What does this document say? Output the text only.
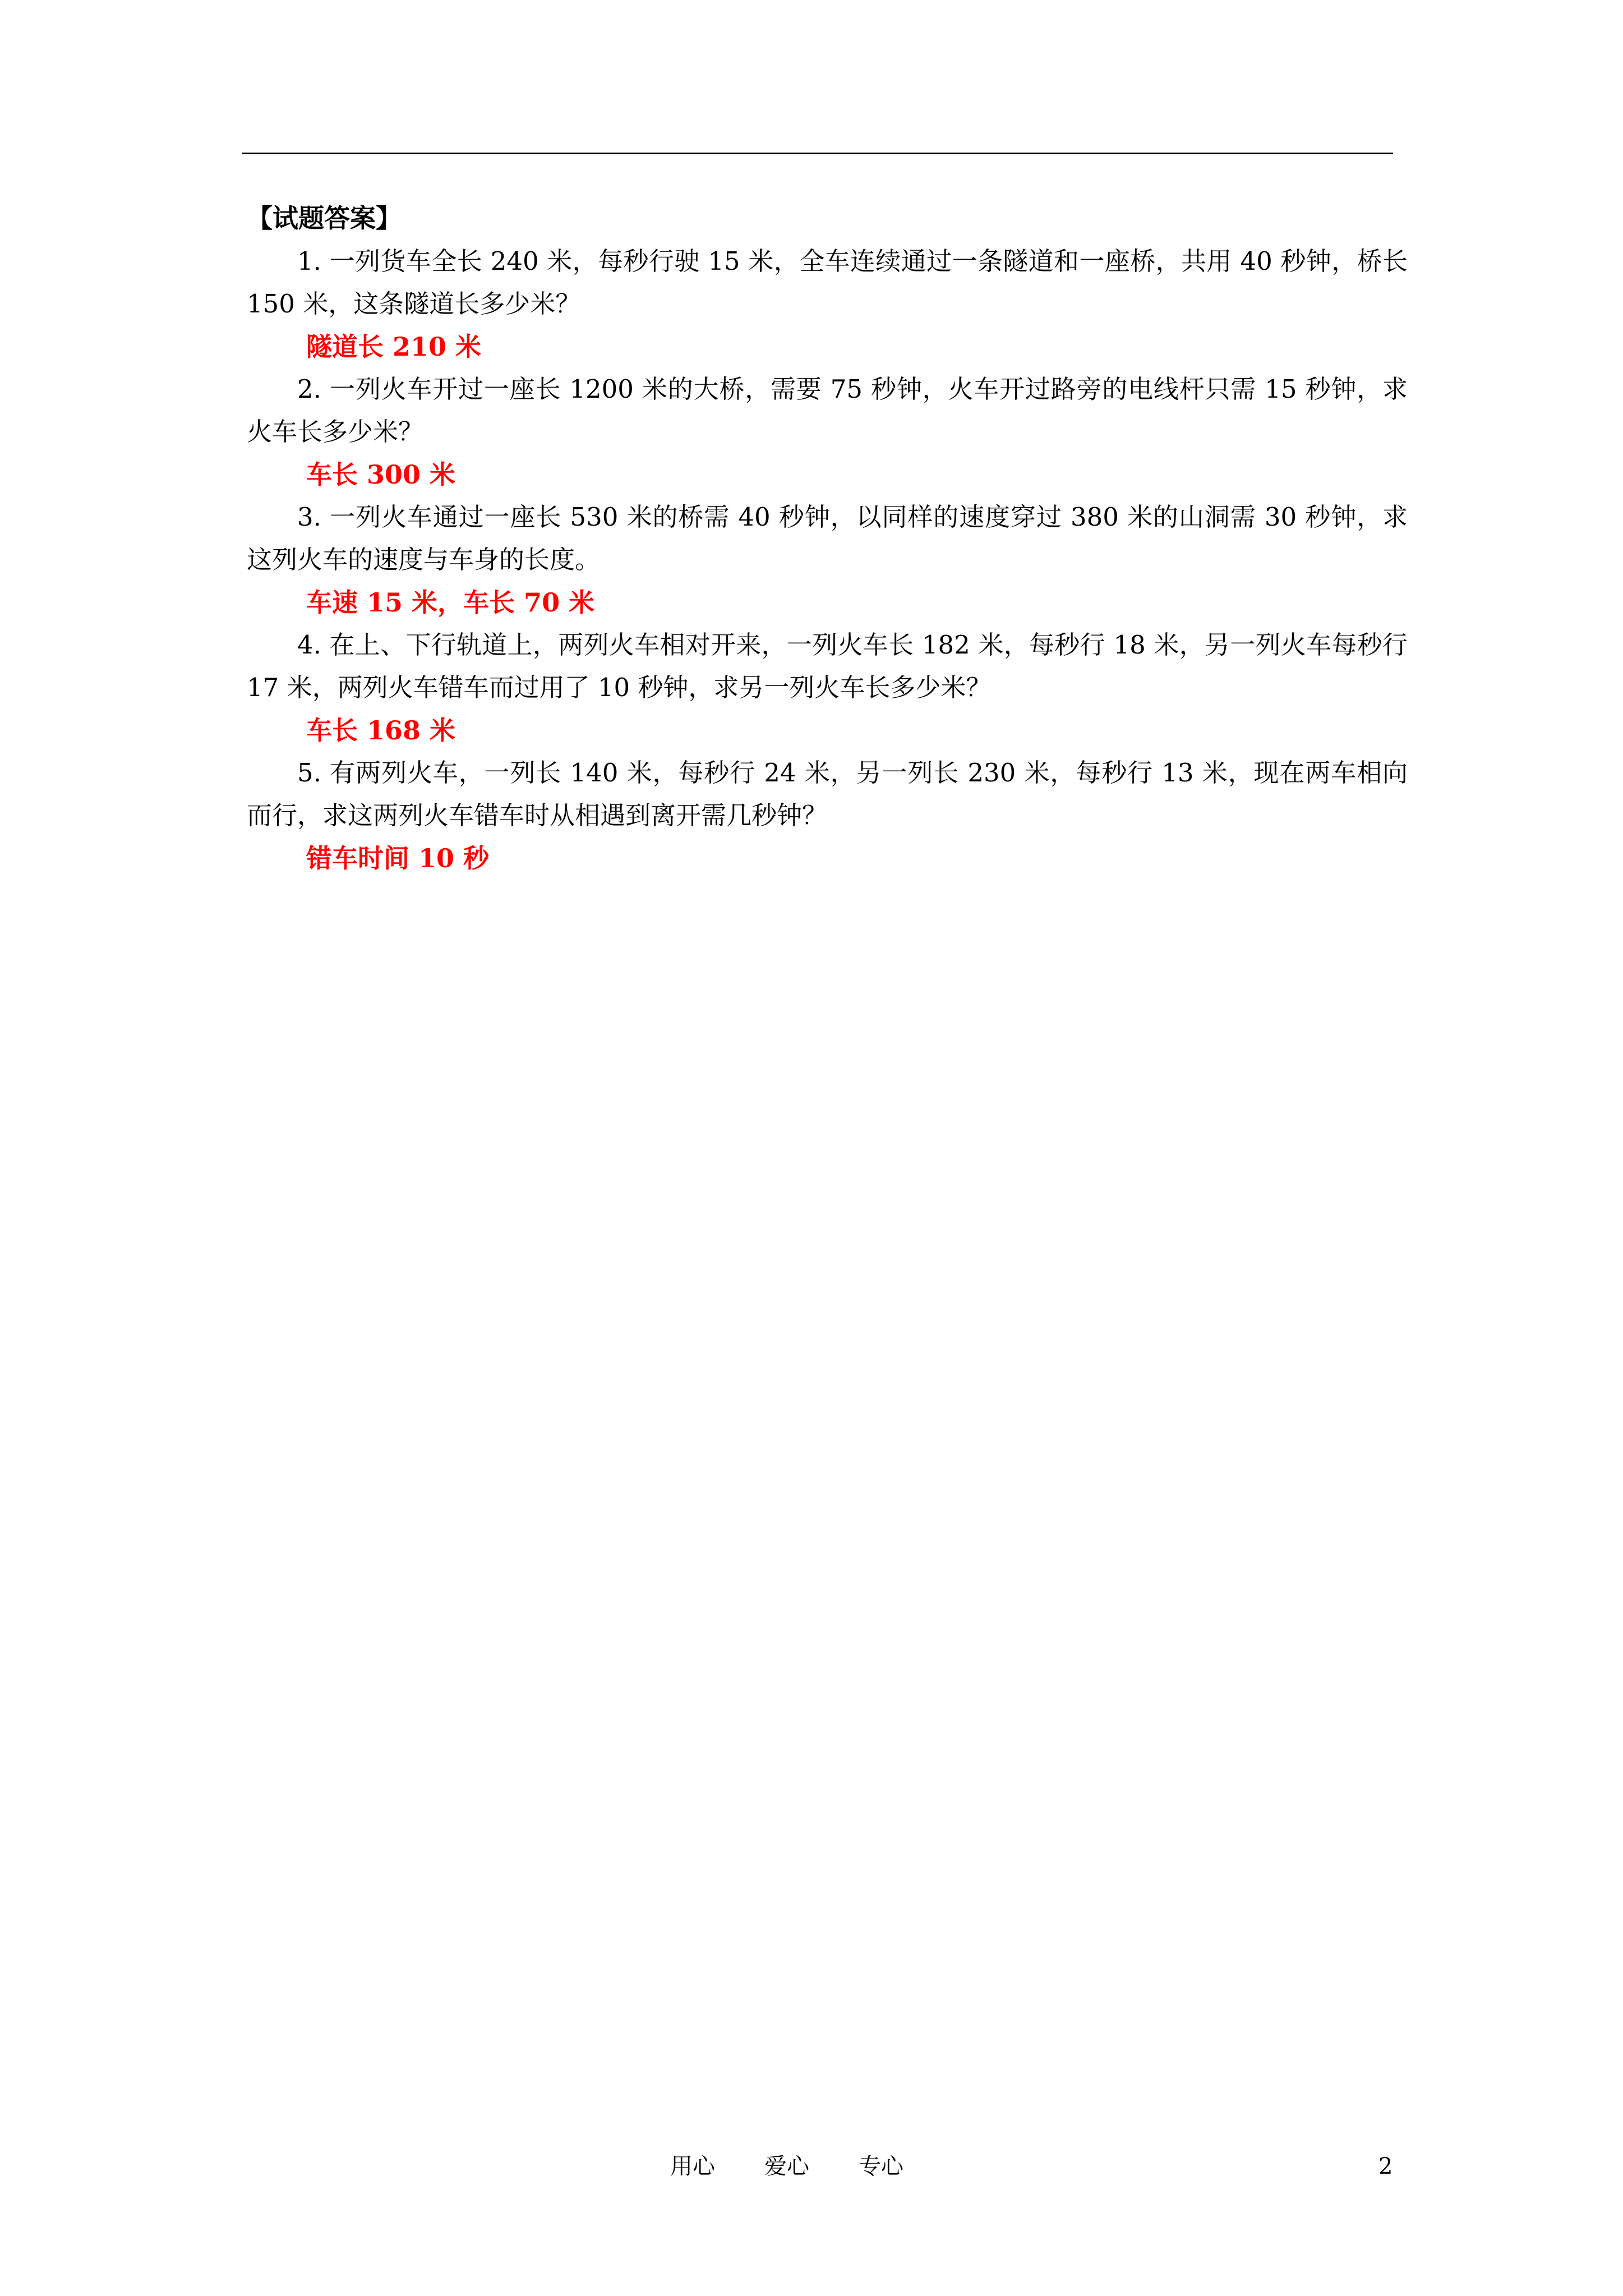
【试题答案】

1. 一列货车全长 240 米，每秒行驶 15 米，全车连续通过一条隧道和一座桥，共用 40 秒钟，桥长 150 米，这条隧道长多少米？

隧道长 210 米

2. 一列火车开过一座长 1200 米的大桥，需要 75 秒钟，火车开过路旁的电线杆只需 15 秒钟，求火车长多少米？

车长 300 米

3. 一列火车通过一座长 530 米的桥需 40 秒钟，以同样的速度穿过 380 米的山洞需 30 秒钟，求这列火车的速度与车身的长度。

车速 15 米，车长 70 米

4. 在上、下行轨道上，两列火车相对开来，一列火车长 182 米，每秒行 18 米，另一列火车每秒行 17 米，两列火车错车而过用了 10 秒钟，求另一列火车长多少米？

车长 168 米

5. 有两列火车，一列长 140 米，每秒行 24 米，另一列长 230 米，每秒行 13 米，现在两车相向而行，求这两列火车错车时从相遇到离开需几秒钟？

错车时间 10 秒

用心 爱心 专心	2
